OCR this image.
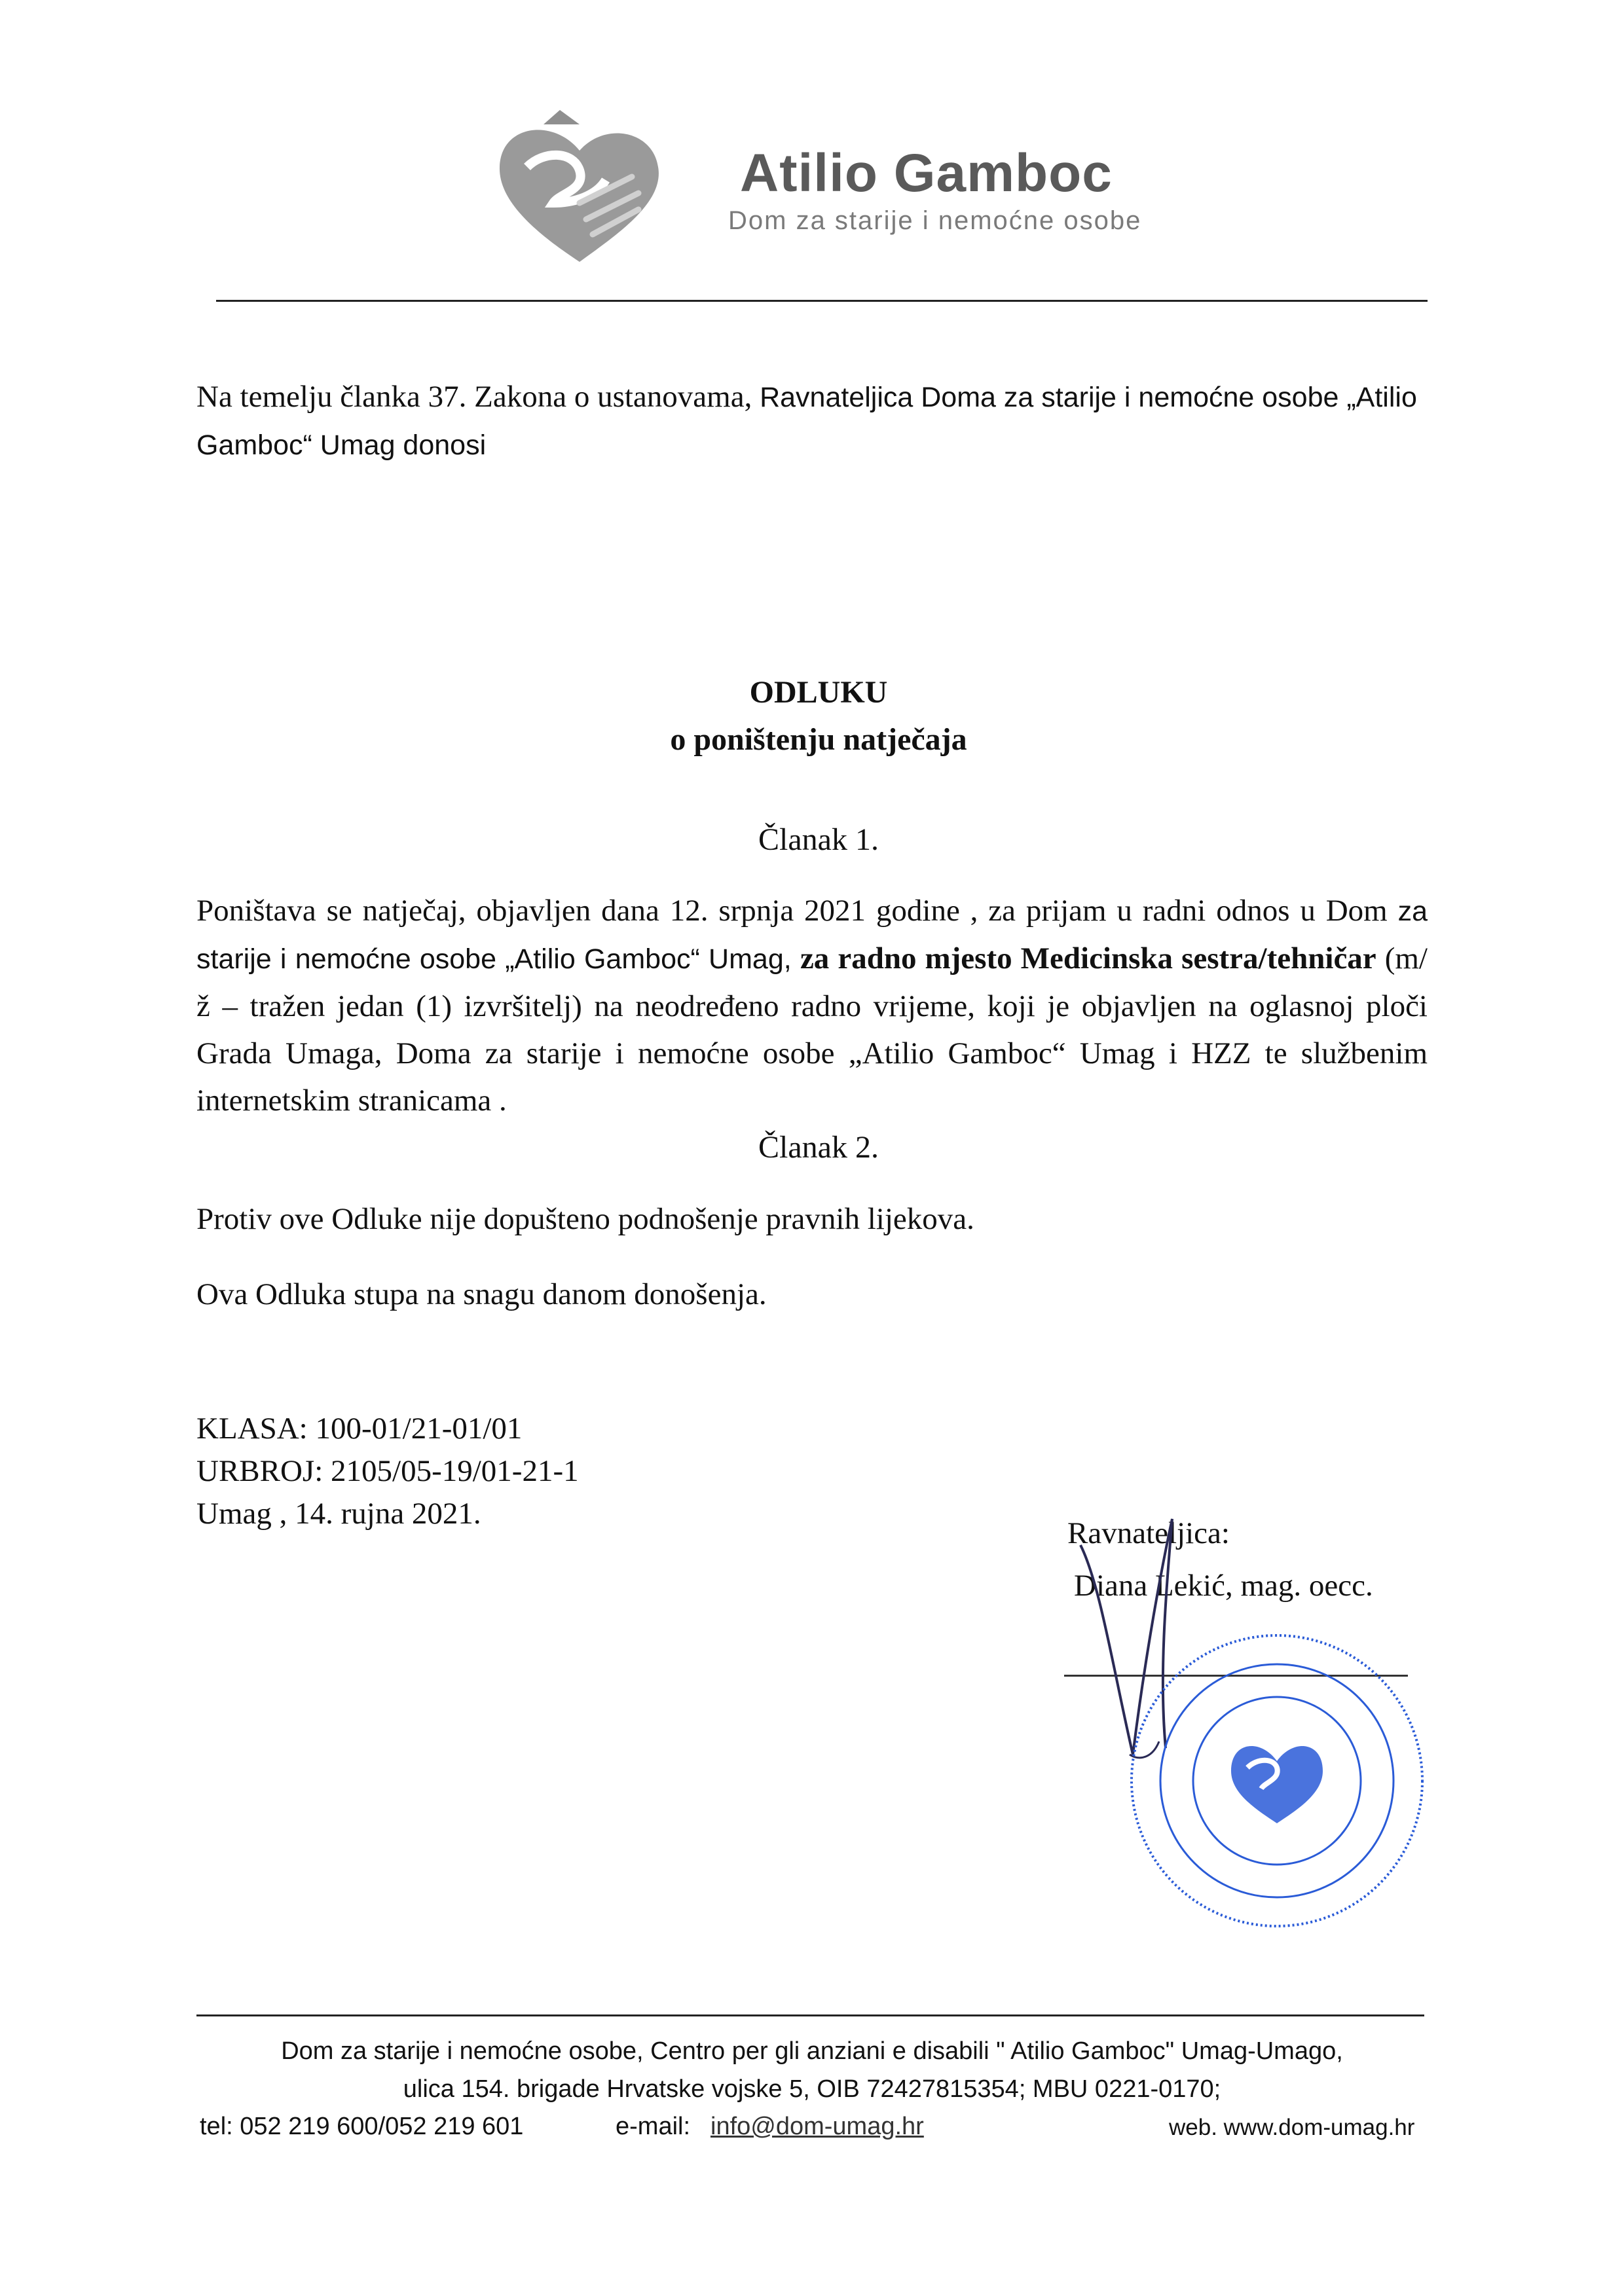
Atilio Gamboc
Dom za starije i nemoćne osobe
Na temelju članka 37. Zakona o ustanovama, Ravnateljica Doma za starije i nemoćne osobe „Atilio Gamboc“ Umag donosi
ODLUKU
o poništenju natječaja
Članak 1.
Poništava se natječaj, objavljen dana 12. srpnja 2021 godine , za prijam u radni odnos u Dom za starije i nemoćne osobe „Atilio Gamboc“ Umag, za radno mjesto Medicinska sestra/tehničar (m/ž – tražen jedan (1) izvršitelj) na neodređeno radno vrijeme, koji je objavljen na oglasnoj ploči Grada Umaga, Doma za starije i nemoćne osobe „Atilio Gamboc“ Umag i HZZ te službenim internetskim stranicama .
Članak 2.
Protiv ove Odluke nije dopušteno podnošenje pravnih lijekova.
Ova Odluka stupa na snagu danom donošenja.
KLASA: 100-01/21-01/01
URBROJ: 2105/05-19/01-21-1
Umag , 14. rujna 2021.
Ravnateljica:
Diana Lekić, mag. oecc.
Dom za starije i nemoćne osobe, Centro per gli anziani e disabili " Atilio Gamboc" Umag-Umago,
ulica 154. brigade Hrvatske vojske 5, OIB 72427815354; MBU 0221-0170;
tel: 052 219 600/052 219 601	e-mail: info@dom-umag.hr	web. www.dom-umag.hr
